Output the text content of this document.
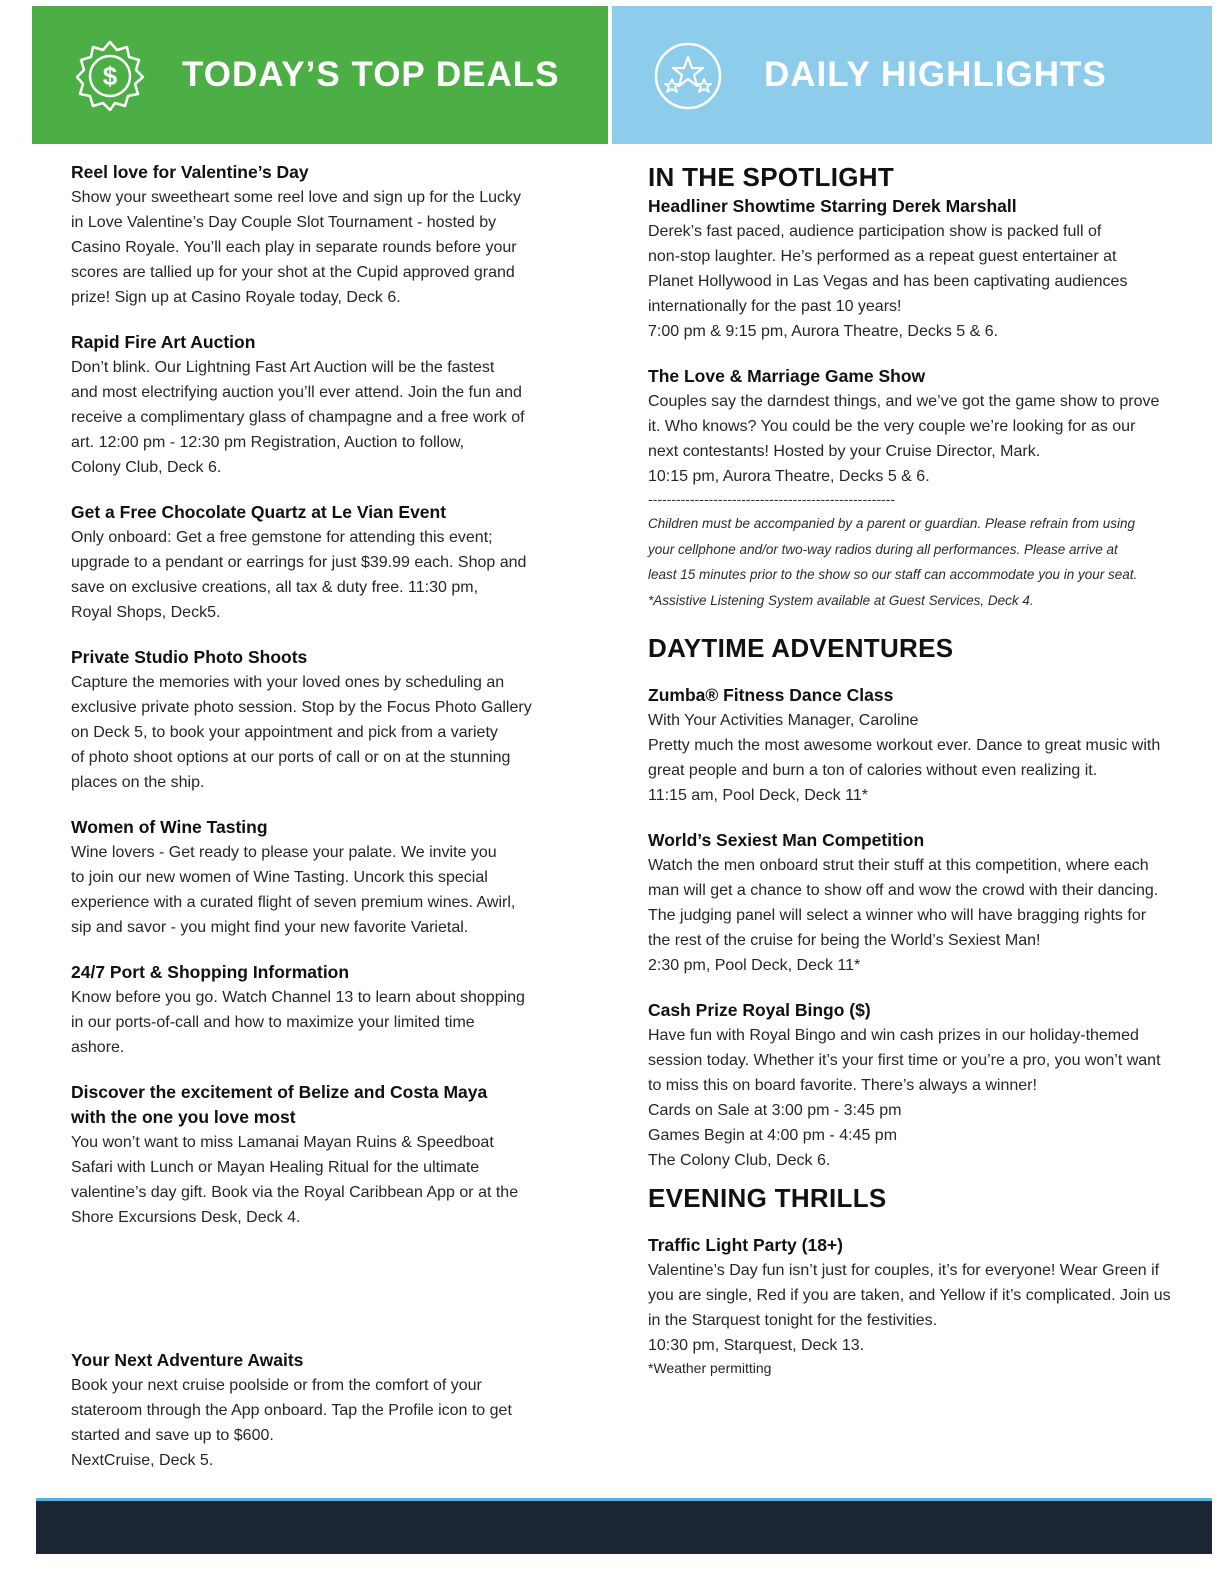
$ TODAY’S TOP DEALS	DAILY HIGHLIGHTS
Reel love for Valentine’s Day

Show your sweetheart some reel love and sign up for the Lucky

in Love Valentine’s Day Couple Slot Tournament - hosted by

Casino Royale. You’ll each play in separate rounds before your

scores are tallied up for your shot at the Cupid approved grand

prize! Sign up at Casino Royale today, Deck 6.

Rapid Fire Art Auction

Don’t blink. Our Lightning Fast Art Auction will be the fastest

and most electrifying auction you’ll ever attend. Join the fun and

receive a complimentary glass of champagne and a free work of

art. 12:00 pm - 12:30 pm Registration, Auction to follow,

Colony Club, Deck 6.

Get a Free Chocolate Quartz at Le Vian Event

Only onboard: Get a free gemstone for attending this event;

upgrade to a pendant or earrings for just $39.99 each. Shop and

save on exclusive creations, all tax & duty free. 11:30 pm,

Royal Shops, Deck5.

Private Studio Photo Shoots

Capture the memories with your loved ones by scheduling an

exclusive private photo session. Stop by the Focus Photo Gallery

on Deck 5, to book your appointment and pick from a variety

of photo shoot options at our ports of call or on at the stunning

places on the ship.

Women of Wine Tasting

Wine lovers - Get ready to please your palate. We invite you

to join our new women of Wine Tasting. Uncork this special

experience with a curated flight of seven premium wines. Awirl,

sip and savor - you might find your new favorite Varietal.

24/7 Port & Shopping Information

Know before you go. Watch Channel 13 to learn about shopping

in our ports-of-call and how to maximize your limited time

ashore.

Discover the excitement of Belize and Costa Maya
with the one you love most

You won’t want to miss Lamanai Mayan Ruins & Speedboat

Safari with Lunch or Mayan Healing Ritual for the ultimate

valentine’s day gift. Book via the Royal Caribbean App or at the

Shore Excursions Desk, Deck 4.

Your Next Adventure Awaits

Book your next cruise poolside or from the comfort of your

stateroom through the App onboard. Tap the Profile icon to get

started and save up to $600.

NextCruise, Deck 5.

IN THE SPOTLIGHT
Headliner Showtime Starring Derek Marshall

Derek’s fast paced, audience participation show is packed full of

non-stop laughter. He’s performed as a repeat guest entertainer at

Planet Hollywood in Las Vegas and has been captivating audiences

internationally for the past 10 years!

7:00 pm & 9:15 pm, Aurora Theatre, Decks 5 & 6.

The Love & Marriage Game Show

Couples say the darndest things, and we’ve got the game show to prove

it. Who knows? You could be the very couple we’re looking for as our

next contestants! Hosted by your Cruise Director, Mark.

10:15 pm, Aurora Theatre, Decks 5 & 6.

-----------------------------------------------------

Children must be accompanied by a parent or guardian. Please refrain from using

your cellphone and/or two-way radios during all performances. Please arrive at

least 15 minutes prior to the show so our staff can accommodate you in your seat.

*Assistive Listening System available at Guest Services, Deck 4.

DAYTIME ADVENTURES
Zumba® Fitness Dance Class

With Your Activities Manager, Caroline

Pretty much the most awesome workout ever. Dance to great music with

great people and burn a ton of calories without even realizing it.

11:15 am, Pool Deck, Deck 11*

World’s Sexiest Man Competition

Watch the men onboard strut their stuff at this competition, where each

man will get a chance to show off and wow the crowd with their dancing.

The judging panel will select a winner who will have bragging rights for

the rest of the cruise for being the World’s Sexiest Man!

2:30 pm, Pool Deck, Deck 11*

Cash Prize Royal Bingo ($)

Have fun with Royal Bingo and win cash prizes in our holiday-themed

session today. Whether it’s your first time or you’re a pro, you won’t want

to miss this on board favorite. There’s always a winner!

Cards on Sale at 3:00 pm - 3:45 pm

Games Begin at 4:00 pm - 4:45 pm

The Colony Club, Deck 6.

EVENING THRILLS
Traffic Light Party (18+)

Valentine’s Day fun isn’t just for couples, it’s for everyone! Wear Green if

you are single, Red if you are taken, and Yellow if it’s complicated. Join us

in the Starquest tonight for the festivities.

10:30 pm, Starquest, Deck 13.

*Weather permitting
